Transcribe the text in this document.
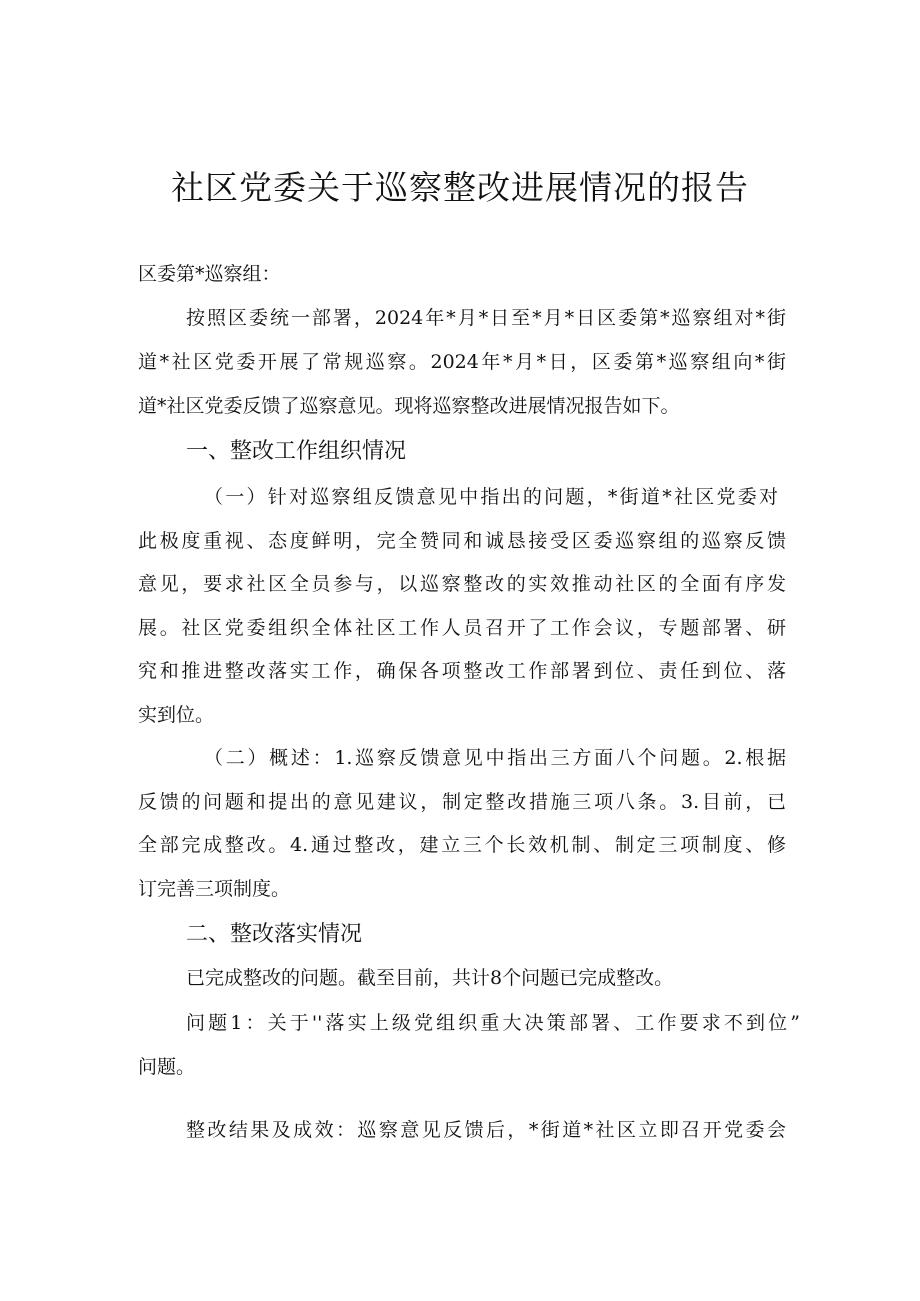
社区党委关于巡察整改进展情况的报告
区委第*巡察组：
按照区委统一部署，2024年*月*日至*月*日区委第*巡察组对*街
道*社区党委开展了常规巡察。2024年*月*日，区委第*巡察组向*街
道*社区党委反馈了巡察意见。现将巡察整改进展情况报告如下。
一、整改工作组织情况
（一）针对巡察组反馈意见中指出的问题，*街道*社区党委对
此极度重视、态度鲜明，完全赞同和诚恳接受区委巡察组的巡察反馈
意见，要求社区全员参与，以巡察整改的实效推动社区的全面有序发
展。社区党委组织全体社区工作人员召开了工作会议，专题部署、研
究和推进整改落实工作，确保各项整改工作部署到位、责任到位、落
实到位。
（二）概述：1.巡察反馈意见中指出三方面八个问题。2.根据
反馈的问题和提出的意见建议，制定整改措施三项八条。3.目前，已
全部完成整改。4.通过整改，建立三个长效机制、制定三项制度、修
订完善三项制度。
二、整改落实情况
已完成整改的问题。截至目前，共计8个问题已完成整改。
问题1：关于''落实上级党组织重大决策部署、工作要求不到位”
问题。
整改结果及成效：巡察意见反馈后，*街道*社区立即召开党委会
